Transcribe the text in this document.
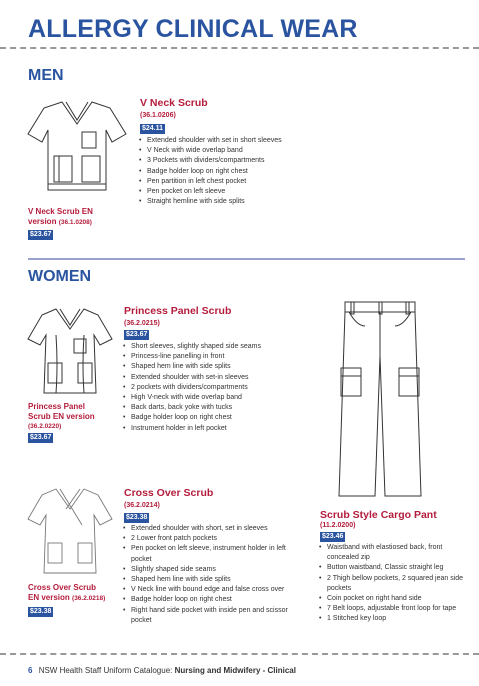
ALLERGY CLINICAL WEAR
MEN
V Neck Scrub
(36.1.0206)
$24.11
• Extended shoulder with set in short sleeves
• V Neck with wide overlap band
• 3 Pockets with dividers/compartments
• Badge holder loop on right chest
• Pen partition in left chest pocket
• Pen pocket on left sleeve
• Straight hemline with side splits
V Neck Scrub EN
version (36.1.0208)
$23.67
WOMEN
Princess Panel Scrub
(36.2.0215)
$23.67
• Short sleeves, slightly shaped side seams
• Princess-line panelling in front
• Shaped hem line with side splits
• Extended shoulder with set-in sleeves
• 2 pockets with dividers/compartments
• High V-neck with wide overlap band
• Back darts, back yoke with tucks
• Badge holder loop on right chest
• Instrument holder in left pocket
Princess Panel
Scrub EN version
(36.2.0220)
$23.67
Cross Over Scrub
(36.2.0214)
$23.38
• Extended shoulder with short, set in sleeves
• 2 Lower front patch pockets
• Pen pocket on left sleeve, instrument holder in left pocket
• Slightly shaped side seams
• Shaped hem line with side splits
• V Neck line with bound edge and false cross over
• Badge holder loop on right chest
• Right hand side pocket with inside pen and scissor pocket
Cross Over Scrub
EN version (36.2.0218)
$23.38
Scrub Style Cargo Pant
(11.2.0200)
$23.46
• Waistband with elastiosed back, front concealed zip
• Button waistband, Classic straight leg
• 2 Thigh bellow pockets, 2 squared jean side pockets
• Coin pocket on right hand side
• 7 Belt loops, adjustable front loop for tape
• 1 Stitched key loop
6 NSW Health Staff Uniform Catalogue: Nursing and Midwifery - Clinical
